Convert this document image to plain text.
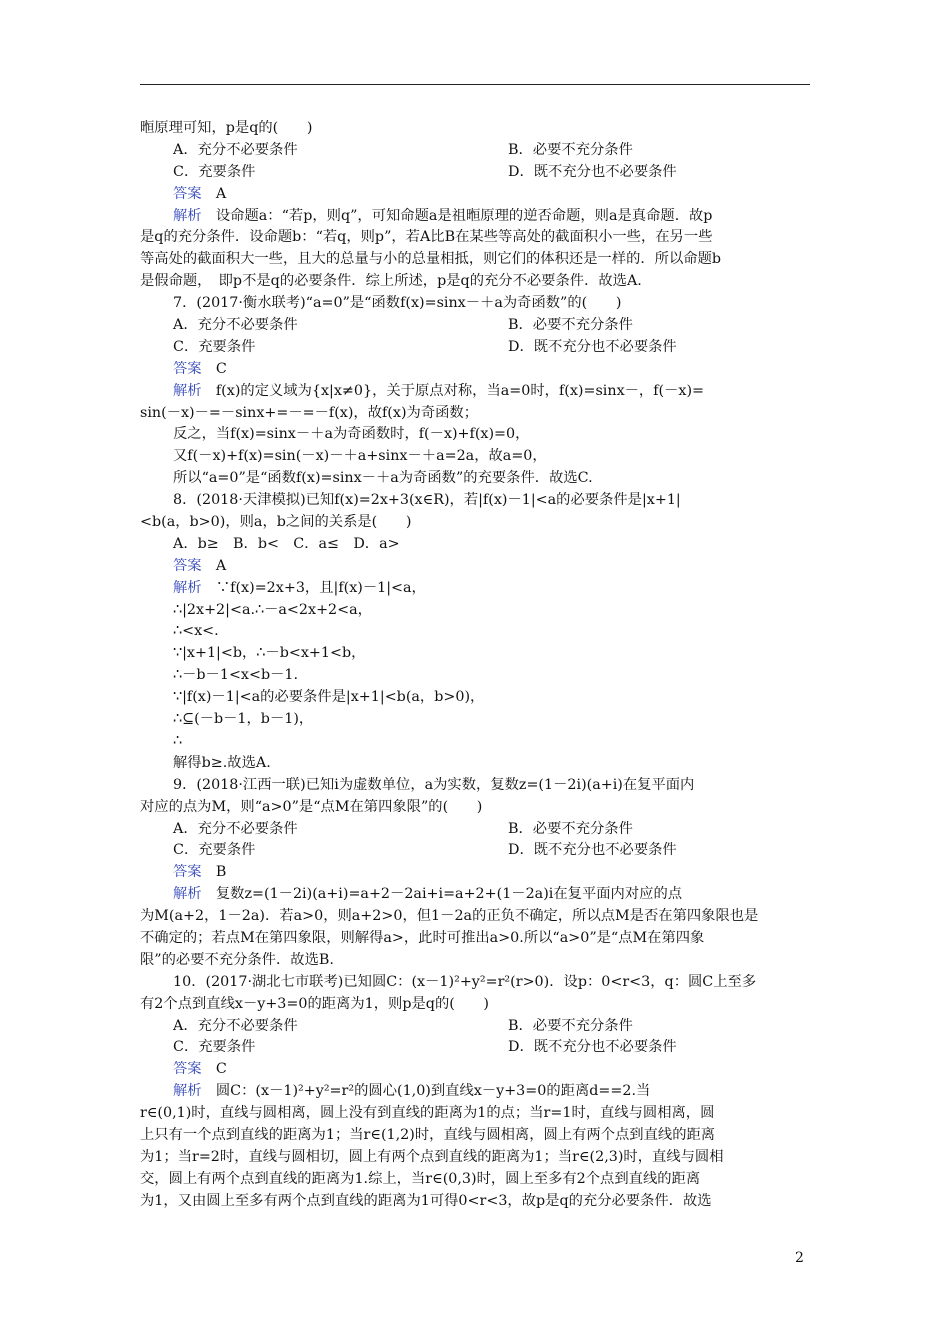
暅原理可知，p是q的(　　)
A．充分不必要条件	B．必要不充分条件
C．充要条件	D．既不充分也不必要条件
答案　A
解析　设命题a：“若p，则q”，可知命题a是祖暅原理的逆否命题，则a是真命题．故p
是q的充分条件．设命题b：“若q，则p”，若A比B在某些等高处的截面积小一些，在另一些
等高处的截面积大一些，且大的总量与小的总量相抵，则它们的体积还是一样的．所以命题b
是假命题，　即p不是q的必要条件．综上所述，p是q的充分不必要条件．故选A.
7．(2017·衡水联考)“a=0”是“函数f(x)=sinx－＋a为奇函数”的(　　)
A．充分不必要条件	B．必要不充分条件
C．充要条件	D．既不充分也不必要条件
答案　C
解析　f(x)的定义域为{x|x≠0}，关于原点对称，当a=0时，f(x)=sinx－，f(－x)=
sin(－x)－=－sinx+=－=－f(x)，故f(x)为奇函数；
反之，当f(x)=sinx－＋a为奇函数时，f(－x)+f(x)=0，
又f(－x)+f(x)=sin(－x)－＋a+sinx－＋a=2a，故a=0，
所以“a=0”是“函数f(x)=sinx－＋a为奇函数”的充要条件．故选C.
8．(2018·天津模拟)已知f(x)=2x+3(x∈R)，若|f(x)－1|<a的必要条件是|x+1|
<b(a，b>0)，则a，b之间的关系是(　　)
A．b≥　B．b<　C．a≤　D．a>
答案　A
解析　∵f(x)=2x+3，且|f(x)－1|<a，
∴|2x+2|<a.∴－a<2x+2<a，
∴<x<.
∵|x+1|<b，∴－b<x+1<b，
∴－b－1<x<b－1.
∵|f(x)－1|<a的必要条件是|x+1|<b(a，b>0)，
∴⊆(－b－1，b－1)，
∴
解得b≥.故选A.
9．(2018·江西一联)已知i为虚数单位，a为实数，复数z=(1－2i)(a+i)在复平面内
对应的点为M，则“a>0”是“点M在第四象限”的(　　)
A．充分不必要条件	B．必要不充分条件
C．充要条件	D．既不充分也不必要条件
答案　B
解析　复数z=(1－2i)(a+i)=a+2－2ai+i=a+2+(1－2a)i在复平面内对应的点
为M(a+2，1－2a)．若a>0，则a+2>0，但1－2a的正负不确定，所以点M是否在第四象限也是
不确定的；若点M在第四象限，则解得a>，此时可推出a>0.所以“a>0”是“点M在第四象
限”的必要不充分条件．故选B.
10．(2017·湖北七市联考)已知圆C：(x－1)²+y²=r²(r>0)．设p：0<r<3，q：圆C上至多
有2个点到直线x－y+3=0的距离为1，则p是q的(　　)
A．充分不必要条件	B．必要不充分条件
C．充要条件	D．既不充分也不必要条件
答案　C
解析　圆C：(x－1)²+y²=r²的圆心(1,0)到直线x－y+3=0的距离d==2.当
r∈(0,1)时，直线与圆相离，圆上没有到直线的距离为1的点；当r=1时，直线与圆相离，圆
上只有一个点到直线的距离为1；当r∈(1,2)时，直线与圆相离，圆上有两个点到直线的距离
为1；当r=2时，直线与圆相切，圆上有两个点到直线的距离为1；当r∈(2,3)时，直线与圆相
交，圆上有两个点到直线的距离为1.综上，当r∈(0,3)时，圆上至多有2个点到直线的距离
为1，又由圆上至多有两个点到直线的距离为1可得0<r<3，故p是q的充分必要条件．故选
2
